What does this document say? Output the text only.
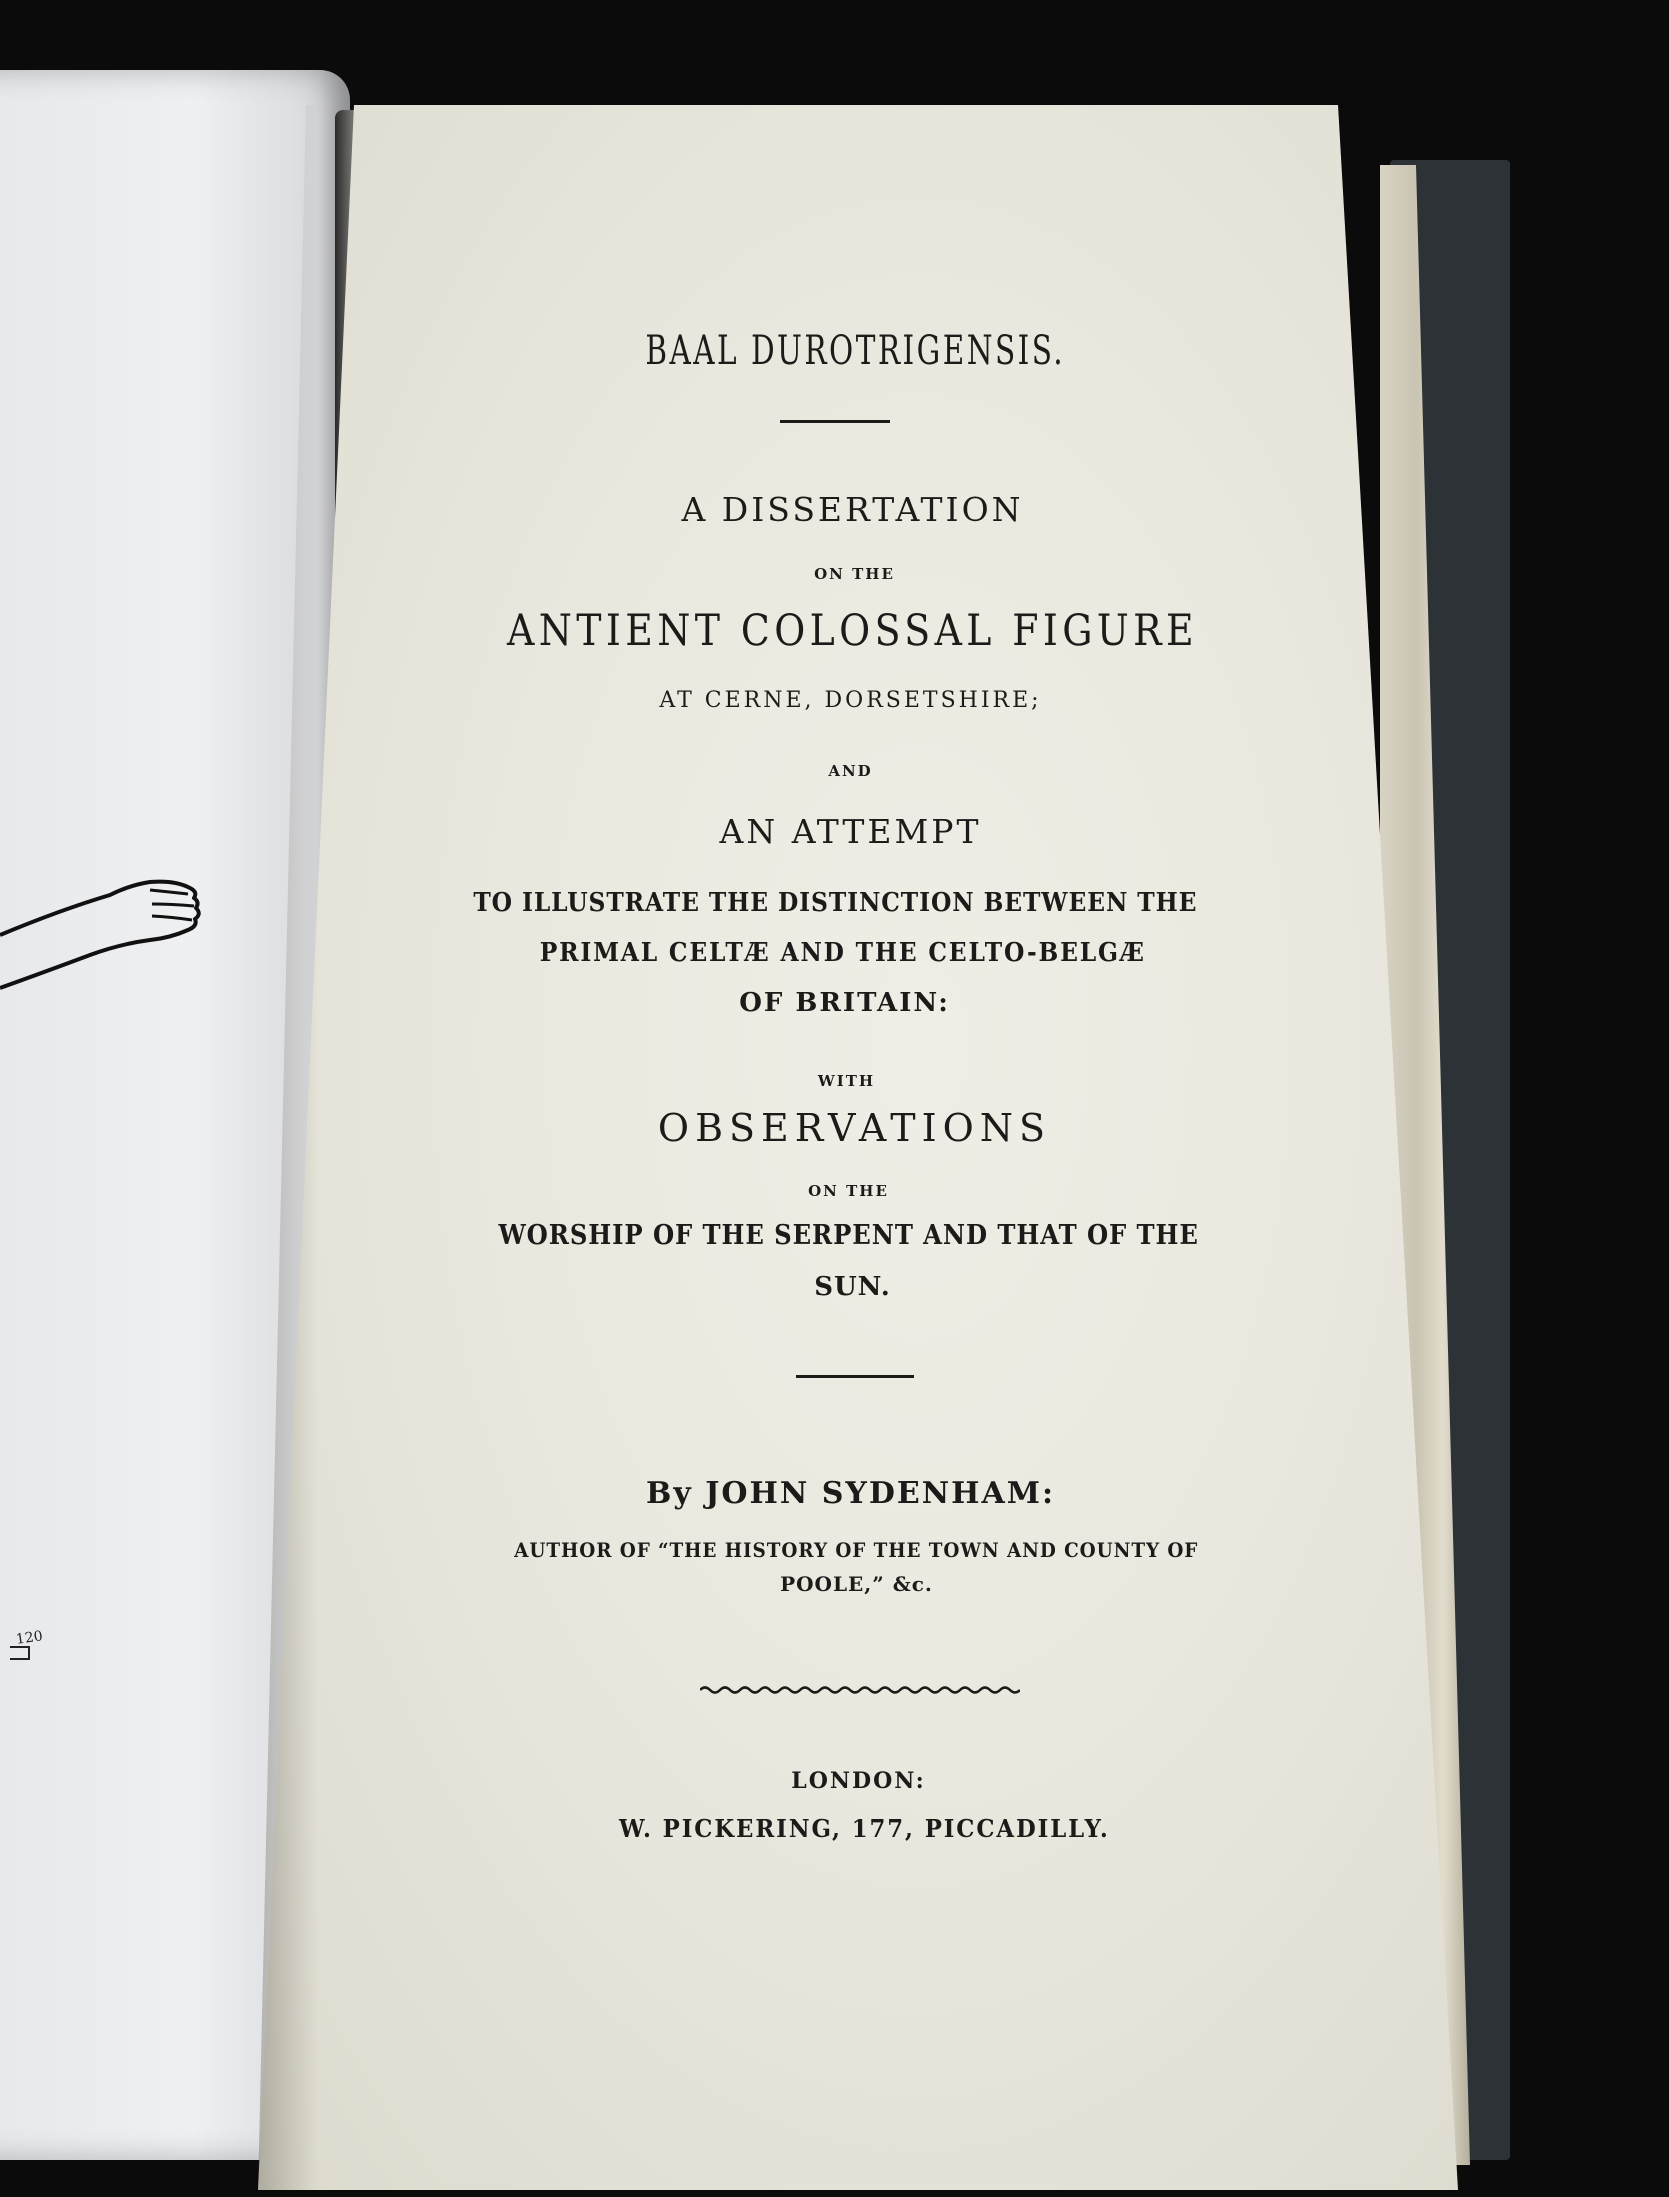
120
BAAL DUROTRIGENSIS.
A DISSERTATION
ON THE
ANTIENT COLOSSAL FIGURE
AT CERNE, DORSETSHIRE;
AND
AN ATTEMPT
TO ILLUSTRATE THE DISTINCTION BETWEEN THE
PRIMAL CELTÆ AND THE CELTO-BELGÆ
OF BRITAIN:
WITH
OBSERVATIONS
ON THE
WORSHIP OF THE SERPENT AND THAT OF THE
SUN.
By JOHN SYDENHAM:
AUTHOR OF “THE HISTORY OF THE TOWN AND COUNTY OF
POOLE,” &c.
LONDON:
W. PICKERING, 177, PICCADILLY.
